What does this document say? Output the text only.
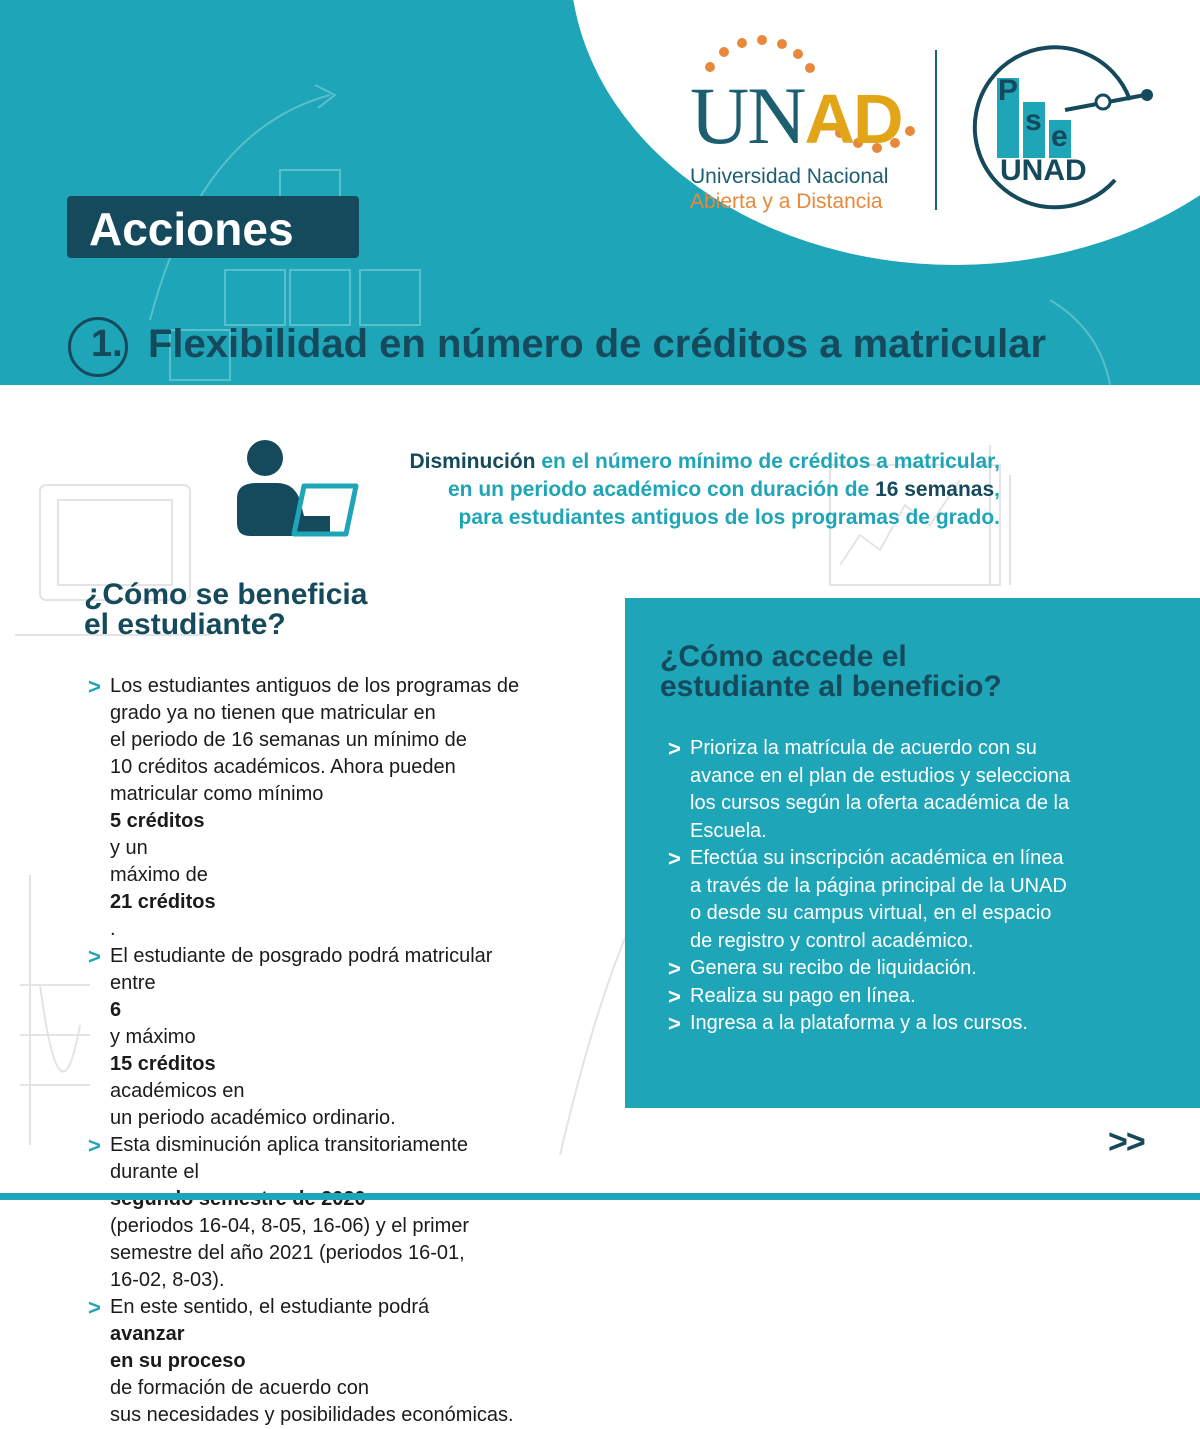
UNAD
Universidad Nacional
Abierta y a Distancia
P
s e
UNAD
Acciones
1. Flexibilidad en número de créditos a matricular

Disminución en el número mínimo de créditos a matricular,

en un periodo académico con duración de 16 semanas,

para estudiantes antiguos de los programas de grado.

¿Cómo se beneficia
el estudiante?
> Los estudiantes antiguos de los programas de
grado ya no tienen que matricular en
el periodo de 16 semanas un mínimo de
10 créditos académicos. Ahora pueden
matricular como mínimo
5 créditos
y un
máximo de
21 créditos
.
> El estudiante de posgrado podrá matricular
entre
6
y máximo
15 créditos
académicos en
un periodo académico ordinario.
> Esta disminución aplica transitoriamente
durante el
(periodos 16-04, 8-05, 16-06) y el primer
semestre del año 2021 (periodos 16-01,
16-02, 8-03).
> En este sentido, el estudiante podrá
avanzar
en su proceso
de formación de acuerdo con
sus necesidades y posibilidades económicas.
¿Cómo accede el
estudiante al beneficio?
> Prioriza la matrícula de acuerdo con su
avance en el plan de estudios y selecciona
los cursos según la oferta académica de la
Escuela.
> Efectúa su inscripción académica en línea
a través de la página principal de la UNAD
o desde su campus virtual, en el espacio
de registro y control académico.
> Genera su recibo de liquidación.
> Realiza su pago en línea.
> Ingresa a la plataforma y a los cursos.
>>
